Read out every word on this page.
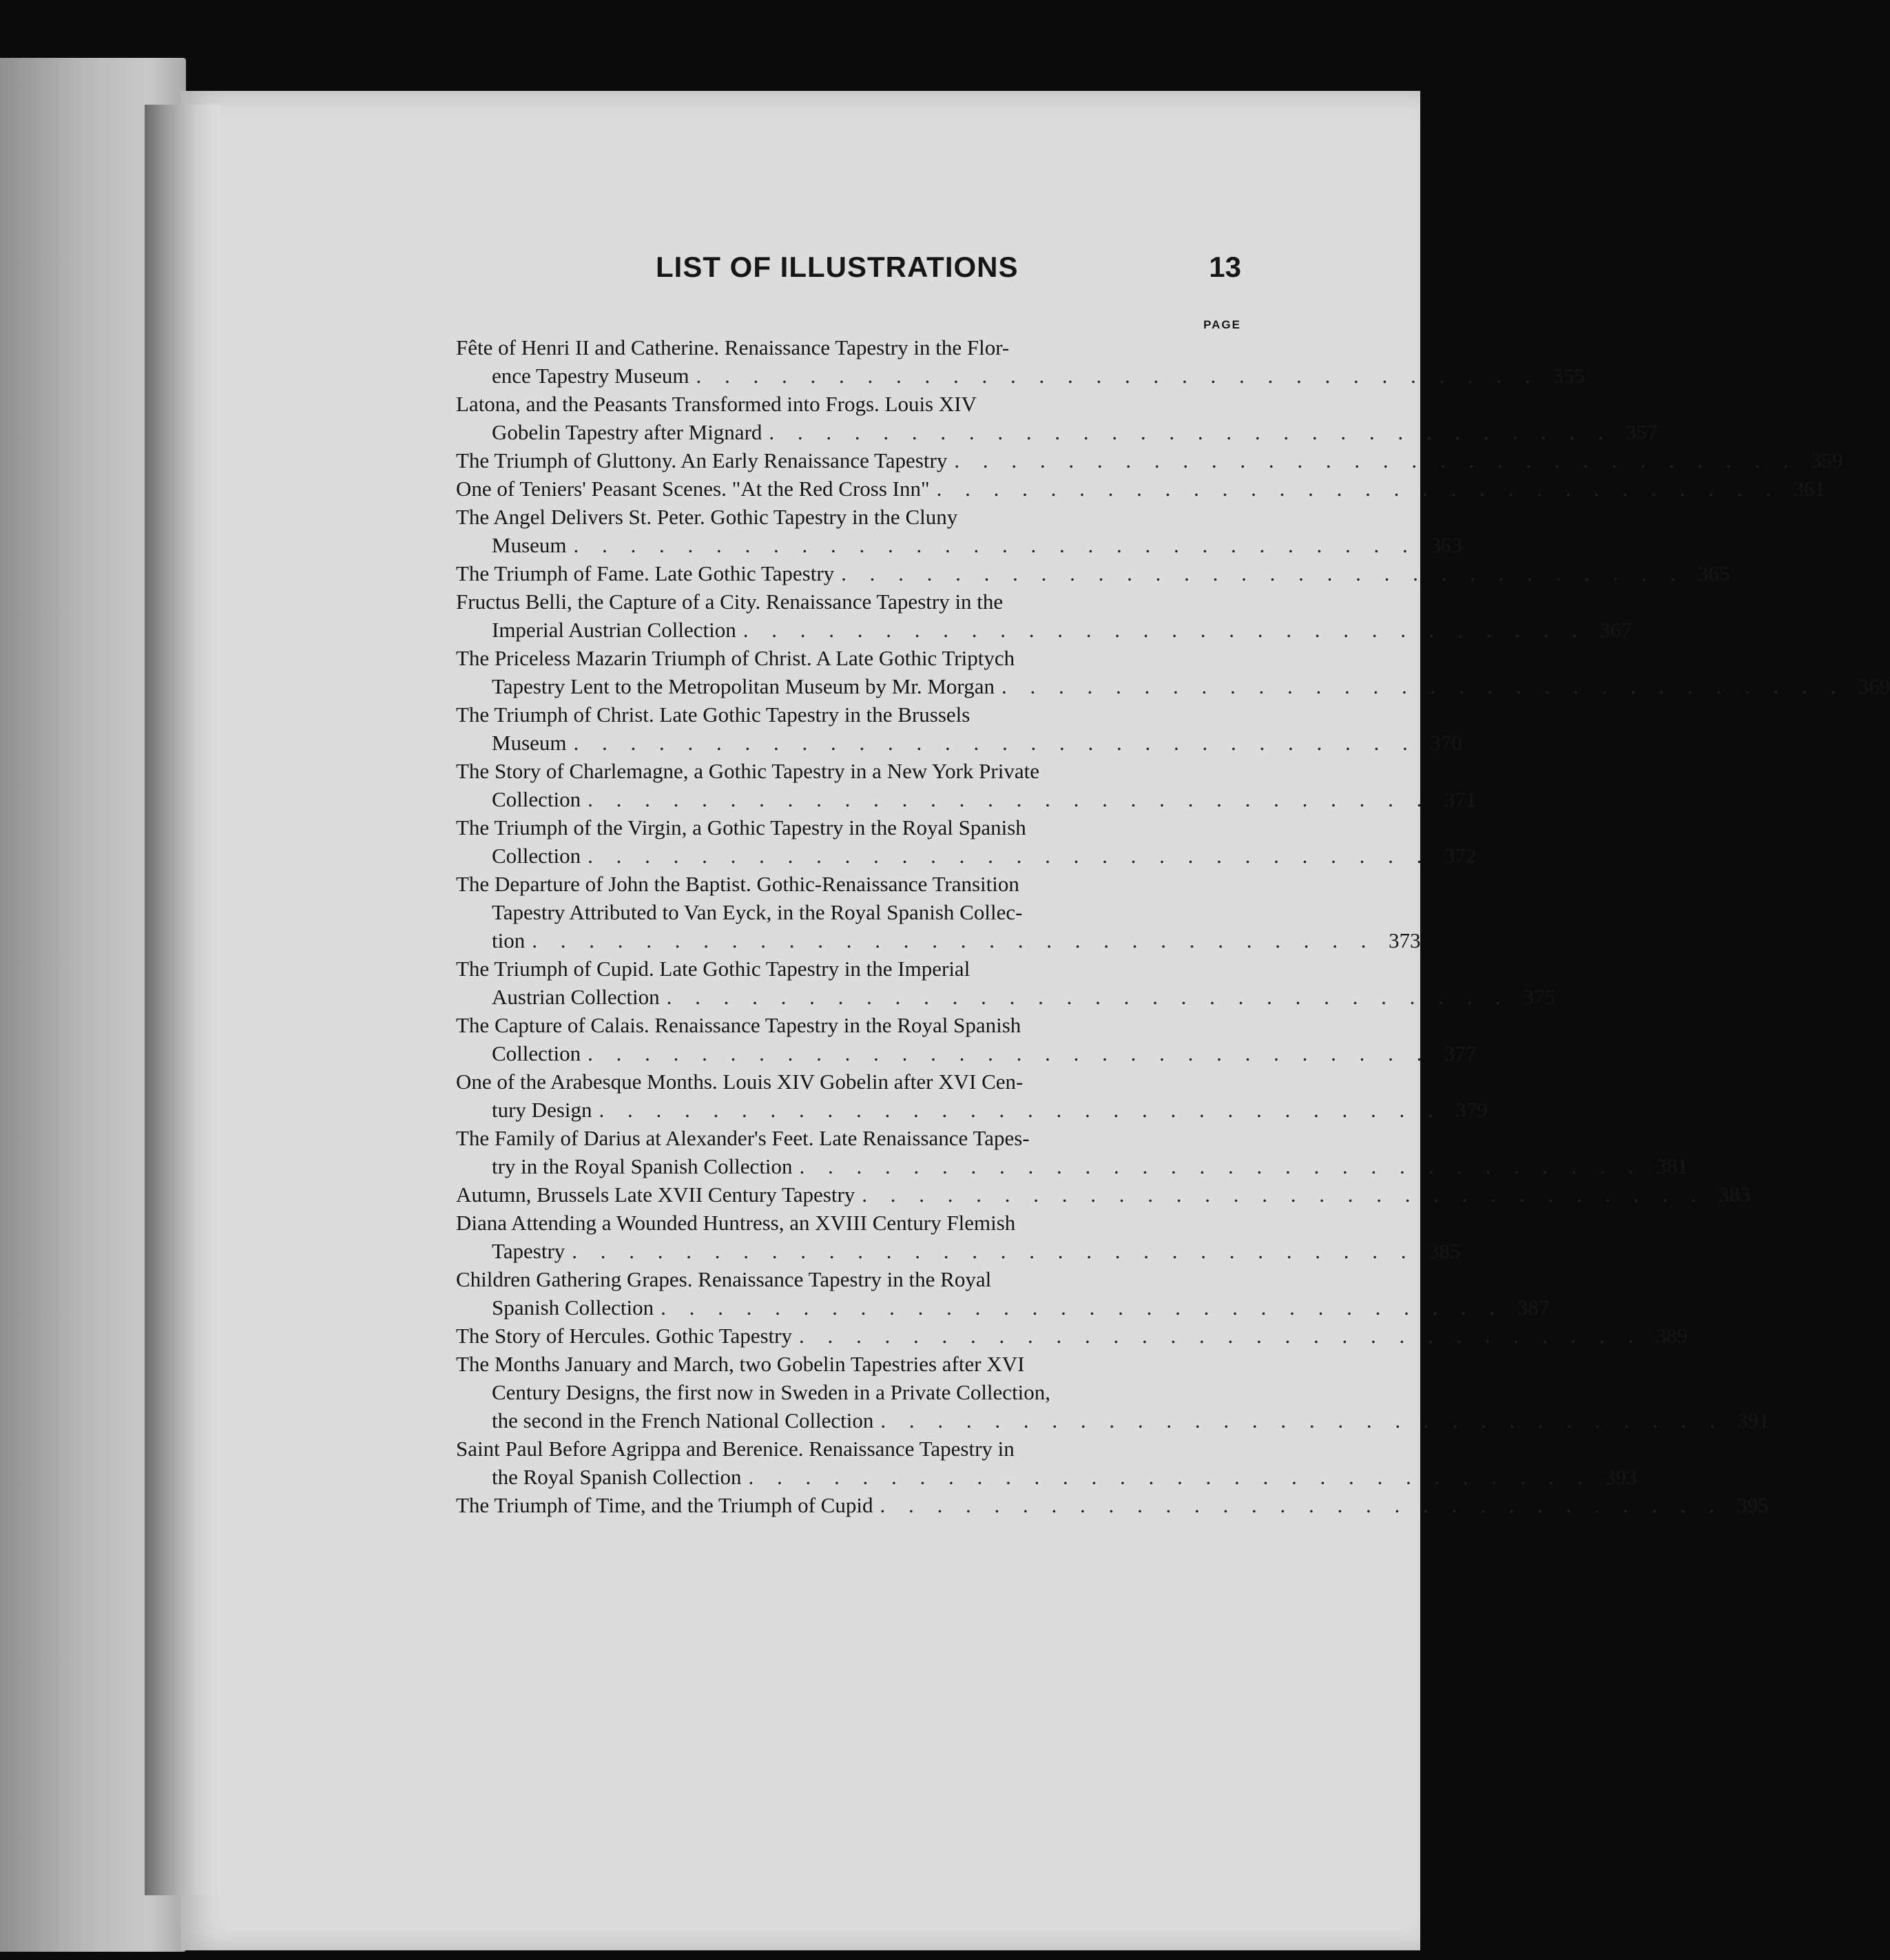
LIST OF ILLUSTRATIONS	13
PAGE
Fête of Henri II and Catherine. Renaissance Tapestry in the Flor-
ence Tapestry Museum . . . . . . . . . . . . . . . . . . . . . . . . . . . . . . 355
Latona, and the Peasants Transformed into Frogs. Louis XIV
Gobelin Tapestry after Mignard . . . . . . . . . . . . . . . . . . . . . . . . . . . . . . 357
The Triumph of Gluttony. An Early Renaissance Tapestry . . . . . . . . . . . . . . . . . . . . . . . . . . . . . . 359
One of Teniers' Peasant Scenes. "At the Red Cross Inn" . . . . . . . . . . . . . . . . . . . . . . . . . . . . . . 361
The Angel Delivers St. Peter. Gothic Tapestry in the Cluny
Museum . . . . . . . . . . . . . . . . . . . . . . . . . . . . . . 363
The Triumph of Fame. Late Gothic Tapestry . . . . . . . . . . . . . . . . . . . . . . . . . . . . . . 365
Fructus Belli, the Capture of a City. Renaissance Tapestry in the
Imperial Austrian Collection . . . . . . . . . . . . . . . . . . . . . . . . . . . . . . 367
The Priceless Mazarin Triumph of Christ. A Late Gothic Triptych
Tapestry Lent to the Metropolitan Museum by Mr. Morgan . . . . . . . . . . . . . . . . . . . . . . . . . . . . . . 369
The Triumph of Christ. Late Gothic Tapestry in the Brussels
Museum . . . . . . . . . . . . . . . . . . . . . . . . . . . . . . 370
The Story of Charlemagne, a Gothic Tapestry in a New York Private
Collection . . . . . . . . . . . . . . . . . . . . . . . . . . . . . . 371
The Triumph of the Virgin, a Gothic Tapestry in the Royal Spanish
Collection . . . . . . . . . . . . . . . . . . . . . . . . . . . . . . 372
The Departure of John the Baptist. Gothic-Renaissance Transition
Tapestry Attributed to Van Eyck, in the Royal Spanish Collec-
tion . . . . . . . . . . . . . . . . . . . . . . . . . . . . . . 373
The Triumph of Cupid. Late Gothic Tapestry in the Imperial
Austrian Collection . . . . . . . . . . . . . . . . . . . . . . . . . . . . . . 375
The Capture of Calais. Renaissance Tapestry in the Royal Spanish
Collection . . . . . . . . . . . . . . . . . . . . . . . . . . . . . . 377
One of the Arabesque Months. Louis XIV Gobelin after XVI Cen-
tury Design . . . . . . . . . . . . . . . . . . . . . . . . . . . . . . 379
The Family of Darius at Alexander's Feet. Late Renaissance Tapes-
try in the Royal Spanish Collection . . . . . . . . . . . . . . . . . . . . . . . . . . . . . . 381
Autumn, Brussels Late XVII Century Tapestry . . . . . . . . . . . . . . . . . . . . . . . . . . . . . . 383
Diana Attending a Wounded Huntress, an XVIII Century Flemish
Tapestry . . . . . . . . . . . . . . . . . . . . . . . . . . . . . . 385
Children Gathering Grapes. Renaissance Tapestry in the Royal
Spanish Collection . . . . . . . . . . . . . . . . . . . . . . . . . . . . . . 387
The Story of Hercules. Gothic Tapestry . . . . . . . . . . . . . . . . . . . . . . . . . . . . . . 389
The Months January and March, two Gobelin Tapestries after XVI
Century Designs, the first now in Sweden in a Private Collection,
the second in the French National Collection . . . . . . . . . . . . . . . . . . . . . . . . . . . . . . 391
Saint Paul Before Agrippa and Berenice. Renaissance Tapestry in
the Royal Spanish Collection . . . . . . . . . . . . . . . . . . . . . . . . . . . . . . 393
The Triumph of Time, and the Triumph of Cupid . . . . . . . . . . . . . . . . . . . . . . . . . . . . . . 395
